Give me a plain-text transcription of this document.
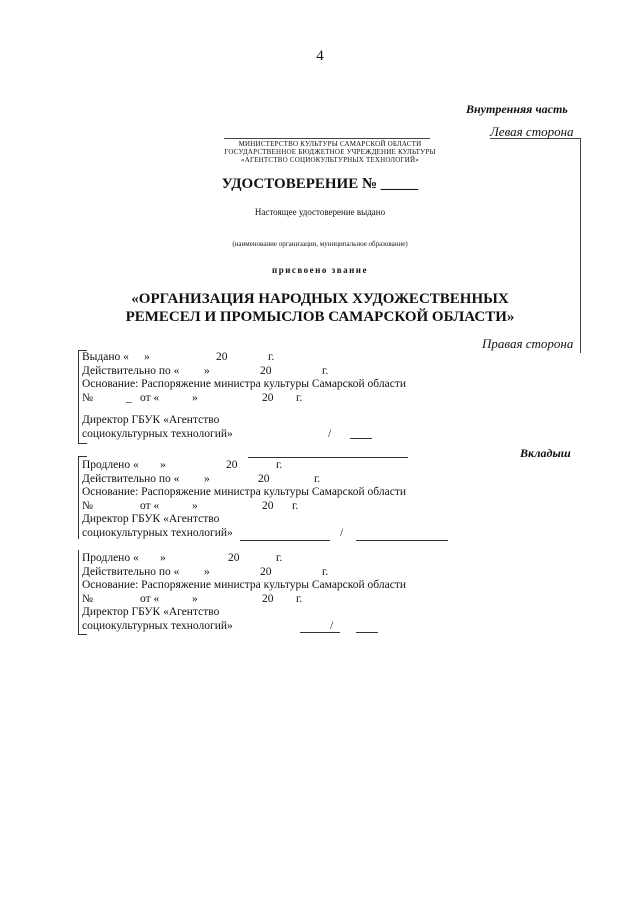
4
Внутренняя часть
Левая сторона
МИНИСТЕРСТВО КУЛЬТУРЫ САМАРСКОЙ ОБЛАСТИ
ГОСУДАРСТВЕННОЕ БЮДЖЕТНОЕ УЧРЕЖДЕНИЕ КУЛЬТУРЫ
«АГЕНТСТВО СОЦИОКУЛЬТУРНЫХ ТЕХНОЛОГИЙ»
УДОСТОВЕРЕНИЕ № _____
Настоящее удостоверение выдано
(наименование организации, муниципальное образование)
присвоено звание
«ОРГАНИЗАЦИЯ НАРОДНЫХ ХУДОЖЕСТВЕННЫХ
РЕМЕСЕЛ И ПРОМЫСЛОВ САМАРСКОЙ ОБЛАСТИ»
Правая сторона
Выдано « »	20	г.
Действительно по « »	20	г.
Основание: Распоряжение министра культуры Самарской области
№	_ от «	»	20 г.
Директор ГБУК «Агентство
социокультурных технологий»	/
Вкладыш
Продлено « »	20	г.
Действительно по « »	20	г.
Основание: Распоряжение министра культуры Самарской области
№	от «	»	20 г.
Директор ГБУК «Агентство
социокультурных технологий»	/
Продлено « »	20	г.
Действительно по « »	20	г.
Основание: Распоряжение министра культуры Самарской области
№	от «	»	20 г.
Директор ГБУК «Агентство
социокультурных технологий»	/
